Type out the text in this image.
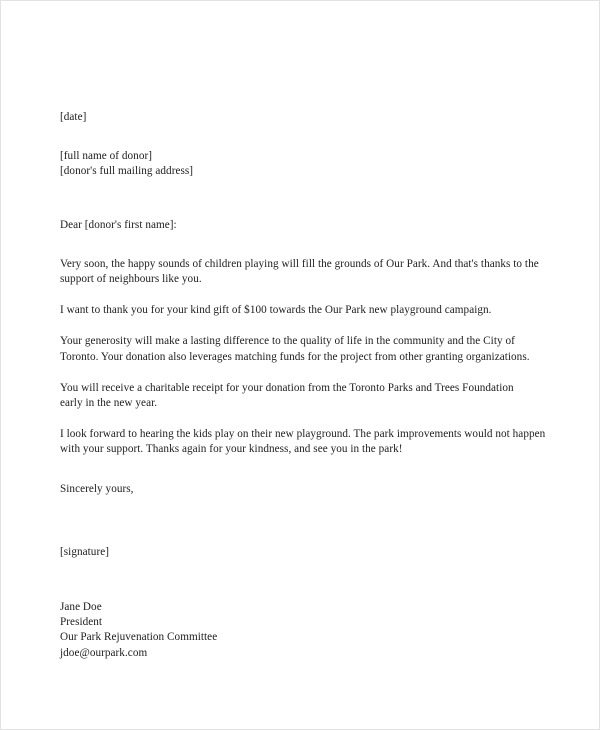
[date]
[full name of donor]
[donor's full mailing address]
Dear [donor's first name]:

Very soon, the happy sounds of children playing will fill the grounds of Our Park. And that's thanks to the support of neighbours like you.

I want to thank you for your kind gift of $100 towards the Our Park new playground campaign.

Your generosity will make a lasting difference to the quality of life in the community and the City of Toronto. Your donation also leverages matching funds for the project from other granting organizations.

You will receive a charitable receipt for your donation from the Toronto Parks and Trees Foundation early in the new year.

I look forward to hearing the kids play on their new playground. The park improvements would not happen with your support. Thanks again for your kindness, and see you in the park!

Sincerely yours,
[signature]
Jane Doe
President
Our Park Rejuvenation Committee
jdoe@ourpark.com
